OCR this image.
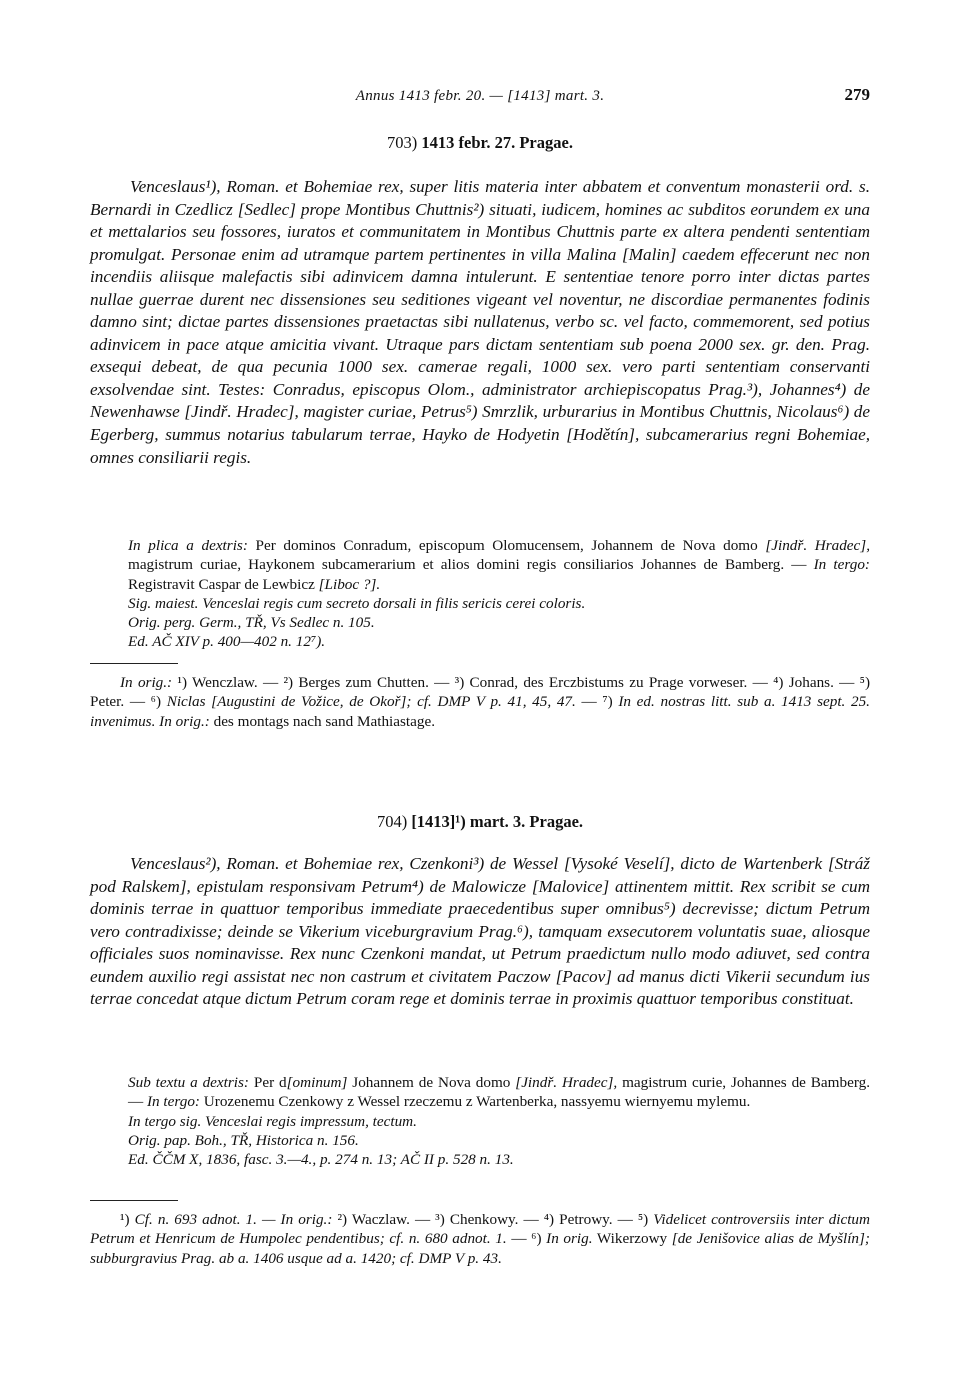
Annus 1413 febr. 20. — [1413] mart. 3.	279
703) 1413 febr. 27. Pragae.

Venceslaus¹), Roman. et Bohemiae rex, super litis materia inter abbatem et conventum monasterii ord. s. Bernardi in Czedlicz [Sedlec] prope Montibus Chuttnis²) situati, iudicem, homines ac subditos eorundem ex una et mettalarios seu fossores, iuratos et communitatem in Montibus Chuttnis parte ex altera pendenti sententiam promulgat. Personae enim ad utramque partem pertinentes in villa Malina [Malin] caedem effecerunt nec non incendiis aliisque malefactis sibi adinvicem damna intulerunt. E sententiae tenore porro inter dictas partes nullae guerrae durent nec dissensiones seu seditiones vigeant vel noventur, ne discordiae permanentes fodinis damno sint; dictae partes dissensiones praetactas sibi nullatenus, verbo sc. vel facto, commemorent, sed potius adinvicem in pace atque amicitia vivant. Utraque pars dictam sententiam sub poena 2000 sex. gr. den. Prag. exsequi debeat, de qua pecunia 1000 sex. camerae regali, 1000 sex. vero parti sententiam conservanti exsolvendae sint. Testes: Conradus, episcopus Olom., administrator archiepiscopatus Prag.³), Johannes⁴) de Newenhawse [Jindř. Hradec], magister curiae, Petrus⁵) Smrzlik, urburarius in Montibus Chuttnis, Nicolaus⁶) de Egerberg, summus notarius tabularum terrae, Hayko de Hodyetin [Hodětín], subcamerarius regni Bohemiae, omnes consiliarii regis.

In plica a dextris: Per dominos Conradum, episcopum Olomucensem, Johannem de Nova domo [Jindř. Hradec], magistrum curiae, Haykonem subcamerarium et alios domini regis consiliarios Johannes de Bamberg. — In tergo: Registravit Caspar de Lewbicz [Liboc ?].

Sig. maiest. Venceslai regis cum secreto dorsali in filis sericis cerei coloris.

Orig. perg. Germ., TŘ, Vs Sedlec n. 105.

Ed. AČ XIV p. 400—402 n. 12⁷).

In orig.: ¹) Wenczlaw. — ²) Berges zum Chutten. — ³) Conrad, des Erczbistums zu Prage vorweser. — ⁴) Johans. — ⁵) Peter. — ⁶) Niclas [Augustini de Vožice, de Okoř]; cf. DMP V p. 41, 45, 47. — ⁷) In ed. nostras litt. sub a. 1413 sept. 25. invenimus. In orig.: des montags nach sand Mathiastage.

704) [1413]¹) mart. 3. Pragae.

Venceslaus²), Roman. et Bohemiae rex, Czenkoni³) de Wessel [Vysoké Veselí], dicto de Wartenberk [Stráž pod Ralskem], epistulam responsivam Petrum⁴) de Malowicze [Malovice] attinentem mittit. Rex scribit se cum dominis terrae in quattuor temporibus immediate praecedentibus super omnibus⁵) decrevisse; dictum Petrum vero contradixisse; deinde se Vikerium viceburgravium Prag.⁶), tamquam exsecutorem voluntatis suae, aliosque officiales suos nominavisse. Rex nunc Czenkoni mandat, ut Petrum praedictum nullo modo adiuvet, sed contra eundem auxilio regi assistat nec non castrum et civitatem Paczow [Pacov] ad manus dicti Vikerii secundum ius terrae concedat atque dictum Petrum coram rege et dominis terrae in proximis quattuor temporibus constituat.

Sub textu a dextris: Per d[ominum] Johannem de Nova domo [Jindř. Hradec], magistrum curie, Johannes de Bamberg. — In tergo: Urozenemu Czenkowy z Wessel rzeczemu z Wartenberka, nassyemu wiernyemu mylemu.

In tergo sig. Venceslai regis impressum, tectum.

Orig. pap. Boh., TŘ, Historica n. 156.

Ed. ČČM X, 1836, fasc. 3.—4., p. 274 n. 13; AČ II p. 528 n. 13.

¹) Cf. n. 693 adnot. 1. — In orig.: ²) Waczlaw. — ³) Chenkowy. — ⁴) Petrowy. — ⁵) Videlicet controversiis inter dictum Petrum et Henricum de Humpolec pendentibus; cf. n. 680 adnot. 1. — ⁶) In orig. Wikerzowy [de Jenišovice alias de Myšlín]; subburgravius Prag. ab a. 1406 usque ad a. 1420; cf. DMP V p. 43.
